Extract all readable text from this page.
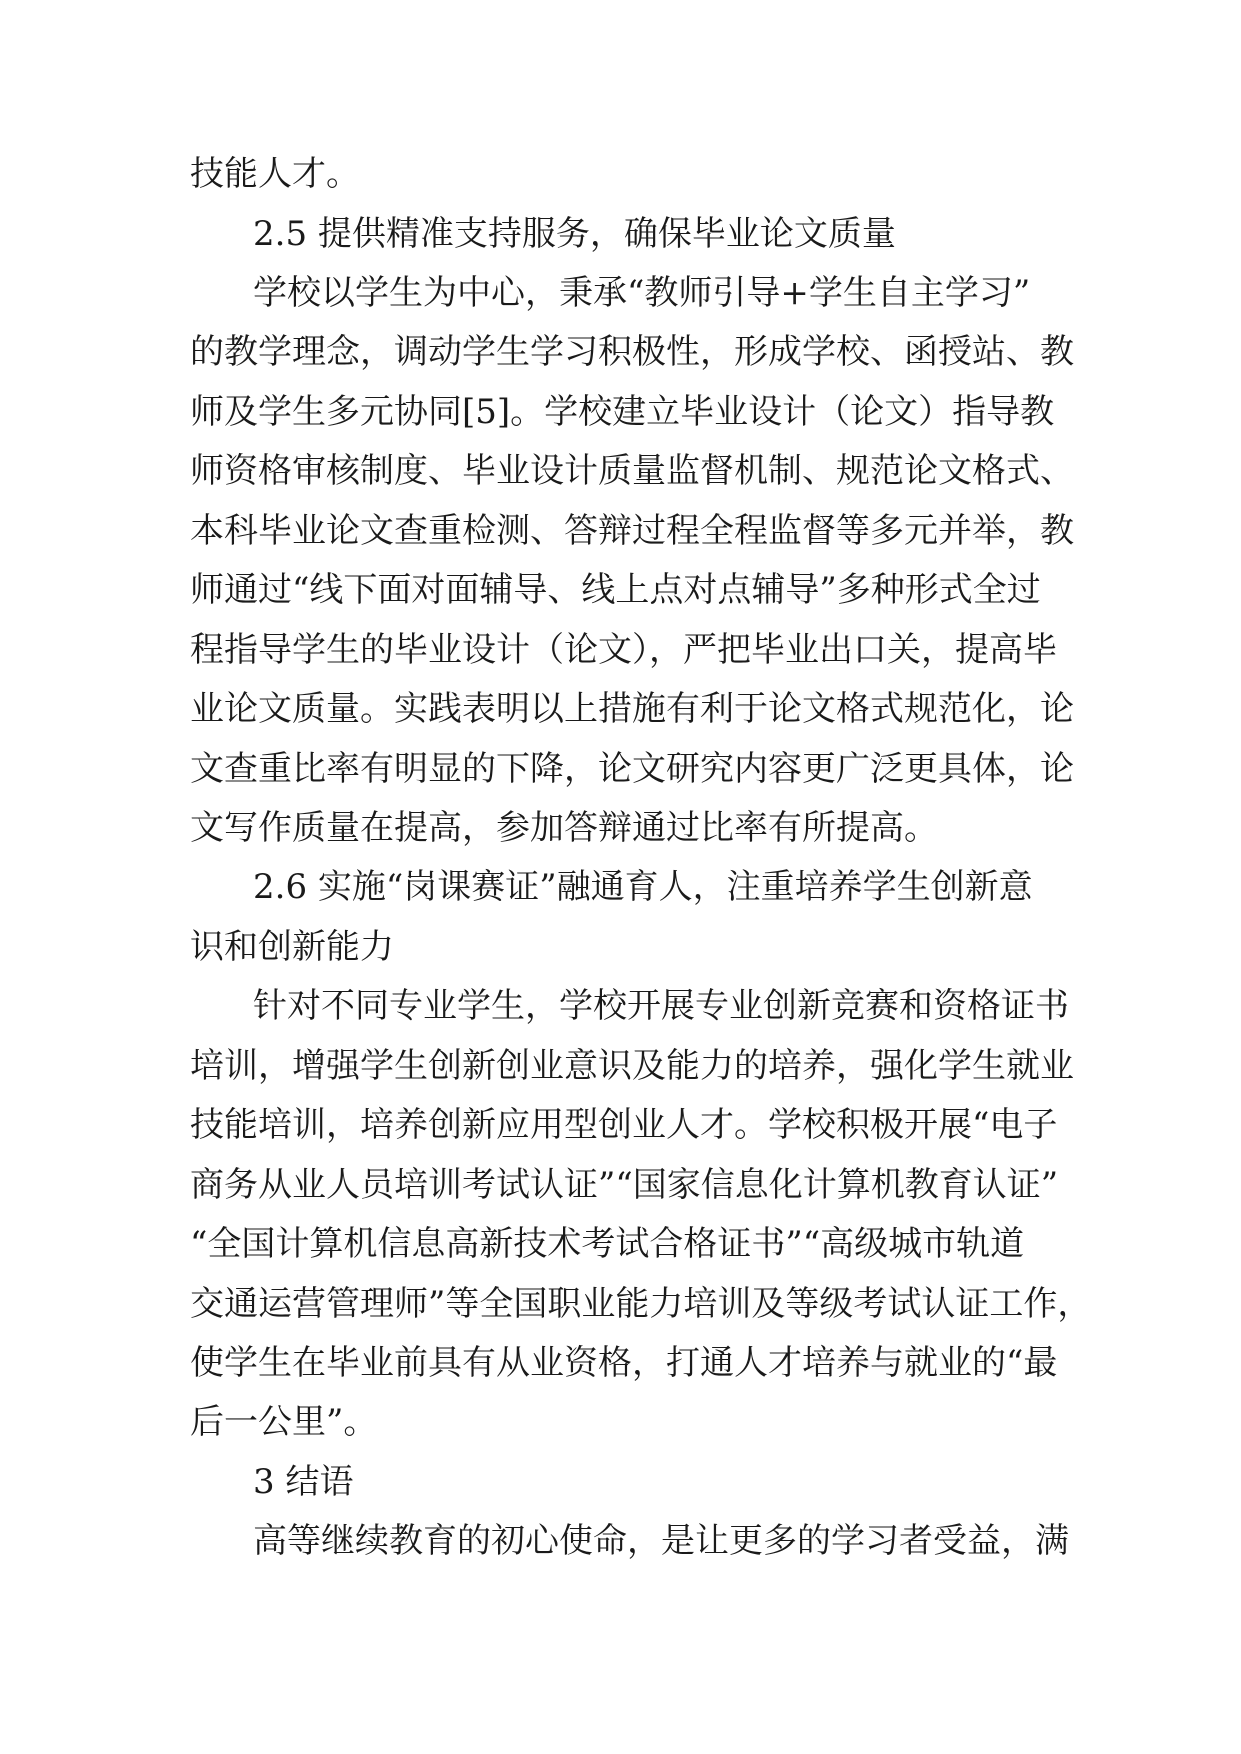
技能人才。
2.5 提供精准支持服务，确保毕业论文质量
学校以学生为中心，秉承“教师引导+学生自主学习”
的教学理念，调动学生学习积极性，形成学校、函授站、教
师及学生多元协同[5]。学校建立毕业设计（论文）指导教
师资格审核制度、毕业设计质量监督机制、规范论文格式、
本科毕业论文查重检测、答辩过程全程监督等多元并举，教
师通过“线下面对面辅导、线上点对点辅导”多种形式全过
程指导学生的毕业设计（论文），严把毕业出口关，提高毕
业论文质量。实践表明以上措施有利于论文格式规范化，论
文查重比率有明显的下降，论文研究内容更广泛更具体，论
文写作质量在提高，参加答辩通过比率有所提高。
2.6 实施“岗课赛证”融通育人，注重培养学生创新意
识和创新能力
针对不同专业学生，学校开展专业创新竞赛和资格证书
培训，增强学生创新创业意识及能力的培养，强化学生就业
技能培训，培养创新应用型创业人才。学校积极开展“电子
商务从业人员培训考试认证”“国家信息化计算机教育认证”
“全国计算机信息高新技术考试合格证书”“高级城市轨道
交通运营管理师”等全国职业能力培训及等级考试认证工作，
使学生在毕业前具有从业资格，打通人才培养与就业的“最
后一公里”。
3 结语
高等继续教育的初心使命，是让更多的学习者受益，满
